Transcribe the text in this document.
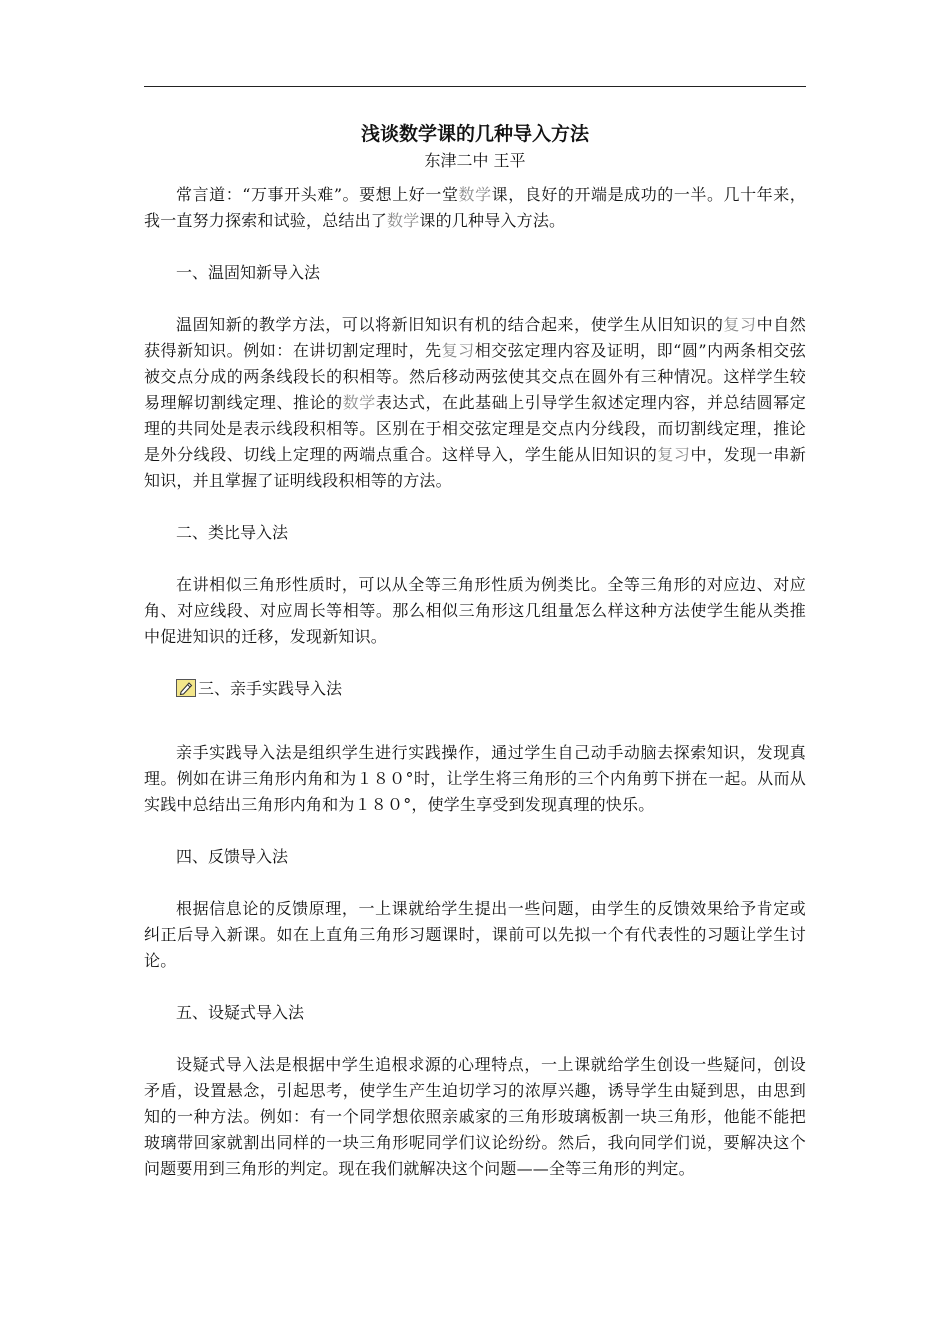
浅谈数学课的几种导入方法
东津二中 王平

常言道：“万事开头难”。要想上好一堂数学课，良好的开端是成功的一半。几十年来，我一直努力探索和试验，总结出了数学课的几种导入方法。

一、温固知新导入法

温固知新的教学方法，可以将新旧知识有机的结合起来，使学生从旧知识的复习中自然获得新知识。例如：在讲切割定理时，先复习相交弦定理内容及证明，即“圆”内两条相交弦被交点分成的两条线段长的积相等。然后移动两弦使其交点在圆外有三种情况。这样学生较易理解切割线定理、推论的数学表达式，在此基础上引导学生叙述定理内容，并总结圆幂定理的共同处是表示线段积相等。区别在于相交弦定理是交点内分线段，而切割线定理，推论是外分线段、切线上定理的两端点重合。这样导入，学生能从旧知识的复习中，发现一串新知识，并且掌握了证明线段积相等的方法。

二、类比导入法

在讲相似三角形性质时，可以从全等三角形性质为例类比。全等三角形的对应边、对应角、对应线段、对应周长等相等。那么相似三角形这几组量怎么样这种方法使学生能从类推中促进知识的迁移，发现新知识。

三、亲手实践导入法

亲手实践导入法是组织学生进行实践操作，通过学生自己动手动脑去探索知识，发现真理。例如在讲三角形内角和为１８０°时，让学生将三角形的三个内角剪下拼在一起。从而从实践中总结出三角形内角和为１８０°，使学生享受到发现真理的快乐。

四、反馈导入法

根据信息论的反馈原理，一上课就给学生提出一些问题，由学生的反馈效果给予肯定或纠正后导入新课。如在上直角三角形习题课时，课前可以先拟一个有代表性的习题让学生讨论。

五、设疑式导入法

设疑式导入法是根据中学生追根求源的心理特点，一上课就给学生创设一些疑问，创设矛盾，设置悬念，引起思考，使学生产生迫切学习的浓厚兴趣，诱导学生由疑到思，由思到知的一种方法。例如：有一个同学想依照亲戚家的三角形玻璃板割一块三角形，他能不能把玻璃带回家就割出同样的一块三角形呢同学们议论纷纷。然后，我向同学们说，要解决这个问题要用到三角形的判定。现在我们就解决这个问题——全等三角形的判定。
